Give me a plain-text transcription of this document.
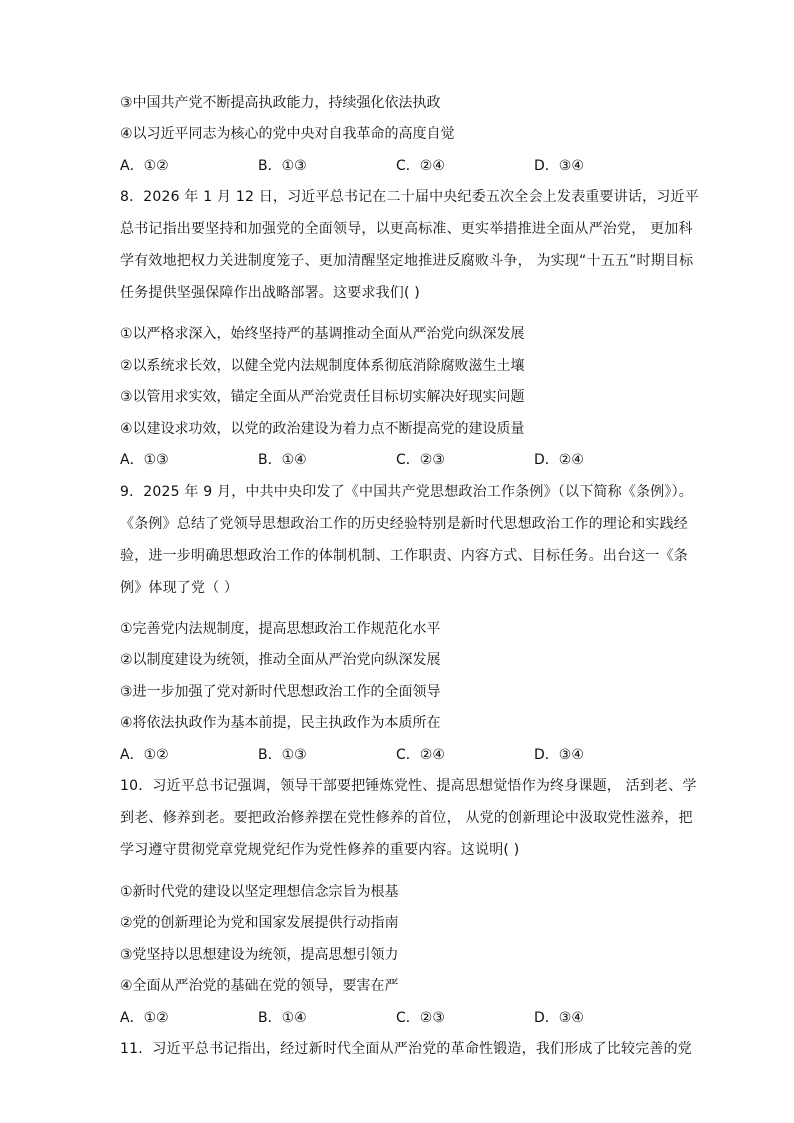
③中国共产党不断提高执政能力，持续强化依法执政
④以习近平同志为核心的党中央对自我革命的高度自觉
A．①②	B．①③	C．②④	D．③④
8．2026 年 1 月 12 日，习近平总书记在二十届中央纪委五次全会上发表重要讲话，习近平
总书记指出要坚持和加强党的全面领导，以更高标准、更实举措推进全面从严治党， 更加科
学有效地把权力关进制度笼子、更加清醒坚定地推进反腐败斗争， 为实现“十五五”时期目标
任务提供坚强保障作出战略部署。这要求我们( )
①以严格求深入，始终坚持严的基调推动全面从严治党向纵深发展
②以系统求长效，以健全党内法规制度体系彻底消除腐败滋生土壤
③以管用求实效，锚定全面从严治党责任目标切实解决好现实问题
④以建设求功效，以党的政治建设为着力点不断提高党的建设质量
A．①③	B．①④	C．②③	D．②④
9．2025 年 9 月，中共中央印发了《中国共产党思想政治工作条例》（以下简称《条例》）。
《条例》总结了党领导思想政治工作的历史经验特别是新时代思想政治工作的理论和实践经
验，进一步明确思想政治工作的体制机制、工作职责、内容方式、目标任务。出台这一《条
例》体现了党（ ）
①完善党内法规制度，提高思想政治工作规范化水平
②以制度建设为统领，推动全面从严治党向纵深发展
③进一步加强了党对新时代思想政治工作的全面领导
④将依法执政作为基本前提，民主执政作为本质所在
A．①②	B．①③	C．②④	D．③④
10．习近平总书记强调，领导干部要把锤炼党性、提高思想觉悟作为终身课题， 活到老、学
到老、修养到老。要把政治修养摆在党性修养的首位， 从党的创新理论中汲取党性滋养，把
学习遵守贯彻党章党规党纪作为党性修养的重要内容。这说明( )
①新时代党的建设以坚定理想信念宗旨为根基
②党的创新理论为党和国家发展提供行动指南
③党坚持以思想建设为统领，提高思想引领力
④全面从严治党的基础在党的领导，要害在严
A．①②	B．①④	C．②③	D．③④
11．习近平总书记指出，经过新时代全面从严治党的革命性锻造，我们形成了比较完善的党
